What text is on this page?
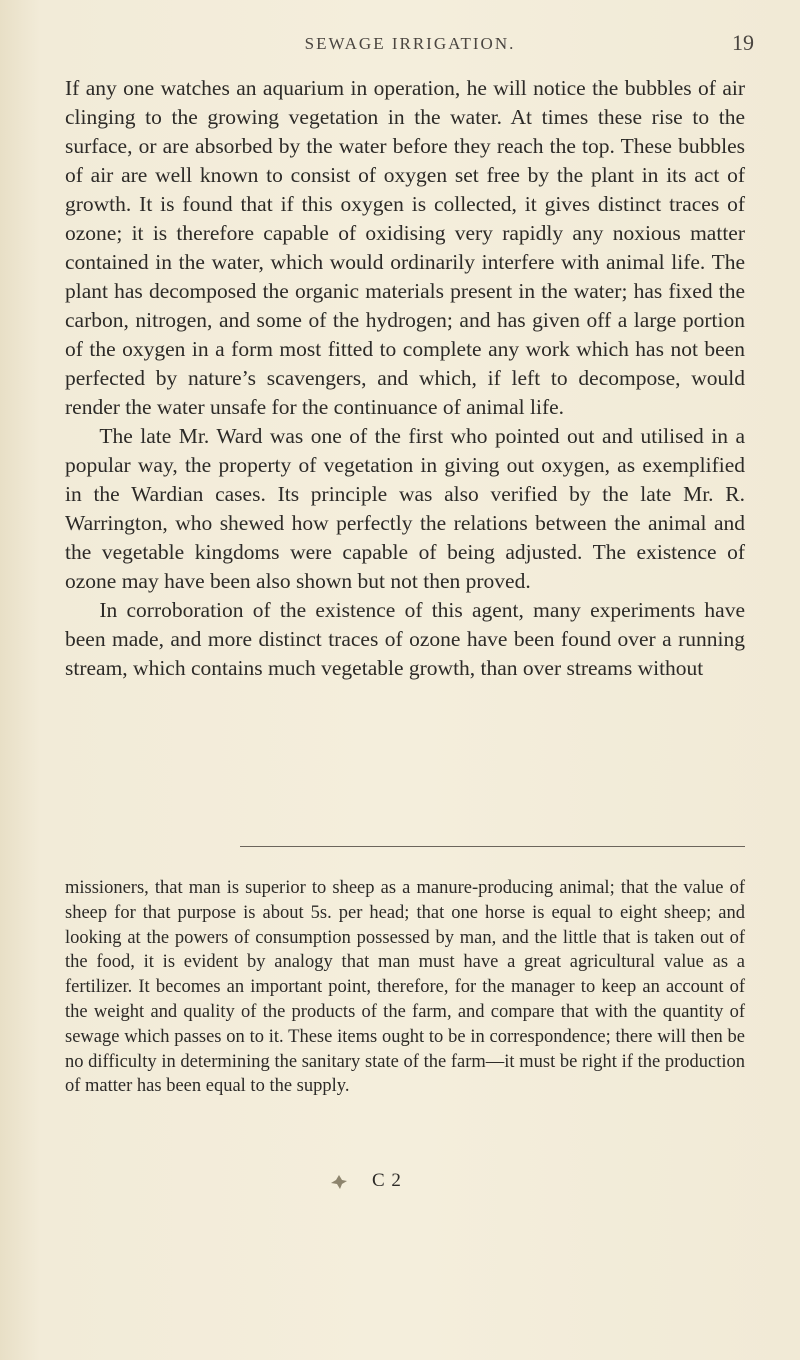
SEWAGE IRRIGATION.	19

If any one watches an aquarium in operation, he will notice the bubbles of air clinging to the growing vegetation in the water. At times these rise to the surface, or are absorbed by the water before they reach the top. These bubbles of air are well known to consist of oxygen set free by the plant in its act of growth. It is found that if this oxygen is collected, it gives distinct traces of ozone; it is therefore capable of oxidising very rapidly any noxious matter contained in the water, which would ordinarily interfere with animal life. The plant has decomposed the organic materials present in the water; has fixed the carbon, nitrogen, and some of the hydrogen; and has given off a large portion of the oxygen in a form most fitted to complete any work which has not been perfected by nature’s scavengers, and which, if left to decompose, would render the water unsafe for the continuance of animal life.

The late Mr. Ward was one of the first who pointed out and utilised in a popular way, the property of vegetation in giving out oxygen, as exemplified in the Wardian cases. Its principle was also verified by the late Mr. R. Warrington, who shewed how perfectly the relations between the animal and the vegetable kingdoms were capable of being adjusted. The existence of ozone may have been also shown but not then proved.

In corroboration of the existence of this agent, many experiments have been made, and more distinct traces of ozone have been found over a running stream, which contains much vegetable growth, than over streams without

missioners, that man is superior to sheep as a manure-producing animal; that the value of sheep for that purpose is about 5s. per head; that one horse is equal to eight sheep; and looking at the powers of consumption possessed by man, and the little that is taken out of the food, it is evident by analogy that man must have a great agricultural value as a fertilizer. It becomes an important point, therefore, for the manager to keep an account of the weight and quality of the products of the farm, and compare that with the quantity of sewage which passes on to it. These items ought to be in correspondence; there will then be no difficulty in determining the sanitary state of the farm—it must be right if the production of matter has been equal to the supply.

C 2
